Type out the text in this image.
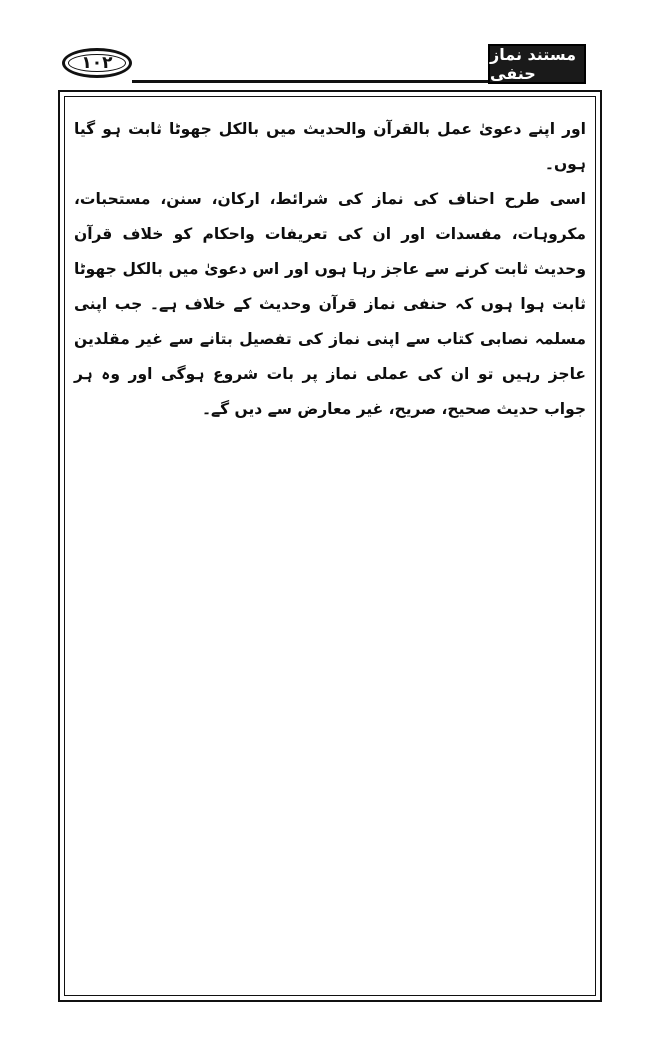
١٠٢	مستند نماز حنفی

اور اپنے دعویٰ عمل بالقرآن والحدیث میں بالکل جھوٹا ثابت ہو گیا ہوں۔

اسی طرح احناف کی نماز کی شرائط، ارکان، سنن، مستحبات، مکروہات، مفسدات اور ان کی تعریفات واحکام کو خلاف قرآن وحدیث ثابت کرنے سے عاجز رہا ہوں اور اس دعویٰ میں بالکل جھوٹا ثابت ہوا ہوں کہ حنفی نماز قرآن وحدیث کے خلاف ہے۔ جب اپنی مسلمہ نصابی کتاب سے اپنی نماز کی تفصیل بتانے سے غیر مقلدین عاجز رہیں تو ان کی عملی نماز پر بات شروع ہوگی اور وہ ہر جواب حدیث صحیح، صریح، غیر معارض سے دیں گے۔
